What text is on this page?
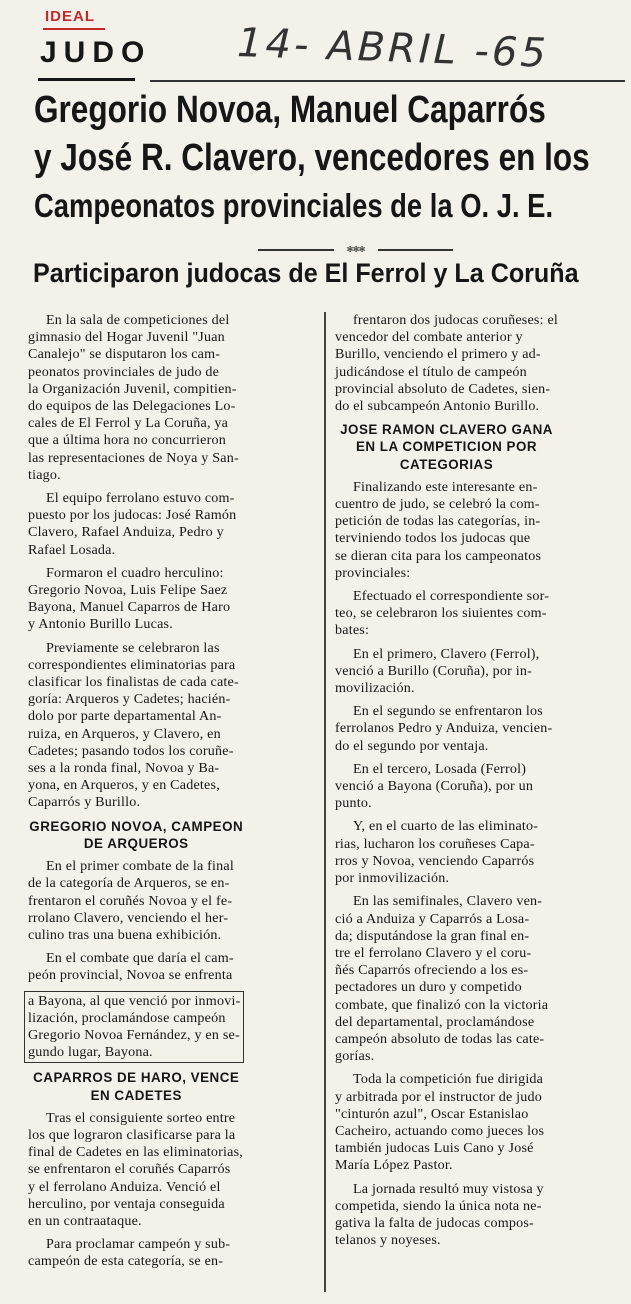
IDEAL
JUDO 14- ABRIL -65
Gregorio Novoa, Manuel Caparrós
y José R. Clavero, vencedores en los
Campeonatos provinciales de la O. J. E.
✻✻✻
Participaron judocas de El Ferrol y La Coruña

En la sala de competiciones del

gimnasio del Hogar Juvenil "Juan

Canalejo" se disputaron los cam-

peonatos provinciales de judo de

la Organización Juvenil, compitien-

do equipos de las Delegaciones Lo-

cales de El Ferrol y La Coruña, ya

que a última hora no concurrieron

las representaciones de Noya y San-

tiago.

El equipo ferrolano estuvo com-

puesto por los judocas: José Ramón

Clavero, Rafael Anduiza, Pedro y

Rafael Losada.

Formaron el cuadro herculino:

Gregorio Novoa, Luis Felipe Saez

Bayona, Manuel Caparros de Haro

y Antonio Burillo Lucas.

Previamente se celebraron las

correspondientes eliminatorias para

clasificar los finalistas de cada cate-

goría: Arqueros y Cadetes; hacién-

dolo por parte departamental An-

ruiza, en Arqueros, y Clavero, en

Cadetes; pasando todos los coruñe-

ses a la ronda final, Novoa y Ba-

yona, en Arqueros, y en Cadetes,

Caparrós y Burillo.

GREGORIO NOVOA, CAMPEON

DE ARQUEROS

En el primer combate de la final

de la categoría de Arqueros, se en-

frentaron el coruñés Novoa y el fe-

rrolano Clavero, venciendo el her-

culino tras una buena exhibición.

En el combate que daría el cam-

peón provincial, Novoa se enfrenta

a Bayona, al que venció por inmovi-

lización, proclamándose campeón

Gregorio Novoa Fernández, y en se-

gundo lugar, Bayona.

CAPARROS DE HARO, VENCE

EN CADETES

Tras el consiguiente sorteo entre

los que lograron clasificarse para la

final de Cadetes en las eliminatorias,

se enfrentaron el coruñés Caparrós

y el ferrolano Anduiza. Venció el

herculino, por ventaja conseguida

en un contraataque.

Para proclamar campeón y sub-

campeón de esta categoría, se en-

frentaron dos judocas coruñeses: el

vencedor del combate anterior y

Burillo, venciendo el primero y ad-

judicándose el título de campeón

provincial absoluto de Cadetes, sien-

do el subcampeón Antonio Burillo.

JOSE RAMON CLAVERO GANA

EN LA COMPETICION POR

CATEGORIAS

Finalizando este interesante en-

cuentro de judo, se celebró la com-

petición de todas las categorías, in-

terviniendo todos los judocas que

se dieran cita para los campeonatos

provinciales:

Efectuado el correspondiente sor-

teo, se celebraron los siuientes com-

bates:

En el primero, Clavero (Ferrol),

venció a Burillo (Coruña), por in-

movilización.

En el segundo se enfrentaron los

ferrolanos Pedro y Anduiza, vencien-

do el segundo por ventaja.

En el tercero, Losada (Ferrol)

venció a Bayona (Coruña), por un

punto.

Y, en el cuarto de las eliminato-

rias, lucharon los coruñeses Capa-

rros y Novoa, venciendo Caparrós

por inmovilización.

En las semifinales, Clavero ven-

ció a Anduiza y Caparrós a Losa-

da; disputándose la gran final en-

tre el ferrolano Clavero y el coru-

ñés Caparrós ofreciendo a los es-

pectadores un duro y competido

combate, que finalizó con la victoria

del departamental, proclamándose

campeón absoluto de todas las cate-

gorías.

Toda la competición fue dirigida

y arbitrada por el instructor de judo

"cinturón azul", Oscar Estanislao

Cacheiro, actuando como jueces los

también judocas Luis Cano y José

María López Pastor.

La jornada resultó muy vistosa y

competida, siendo la única nota ne-

gativa la falta de judocas compos-

telanos y noyeses.
